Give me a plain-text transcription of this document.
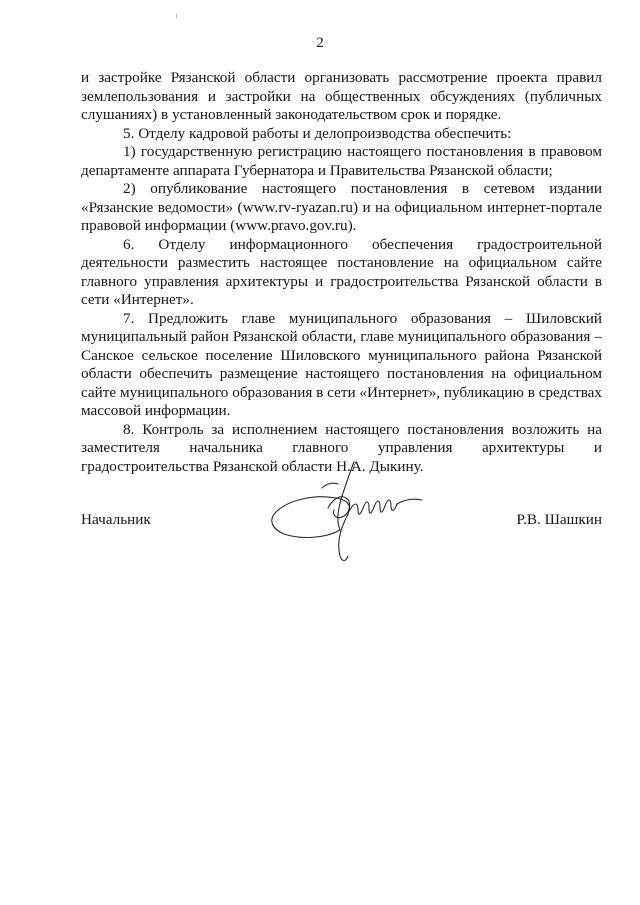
2

и застройке Рязанской области организовать рассмотрение проекта правил землепользования и застройки на общественных обсуждениях (публичных слушаниях) в установленный законодательством срок и порядке.

5. Отделу кадровой работы и делопроизводства обеспечить:

1) государственную регистрацию настоящего постановления в правовом департаменте аппарата Губернатора и Правительства Рязанской области;

2) опубликование настоящего постановления в сетевом издании «Рязанские ведомости» (www.rv-ryazan.ru) и на официальном интернет-портале правовой информации (www.pravo.gov.ru).

6. Отделу информационного обеспечения градостроительной деятельности разместить настоящее постановление на официальном сайте главного управления архитектуры и градостроительства Рязанской области в сети «Интернет».

7. Предложить главе муниципального образования – Шиловский муниципальный район Рязанской области, главе муниципального образования – Санское сельское поселение Шиловского муниципального района Рязанской области обеспечить размещение настоящего постановления на официальном сайте муниципального образования в сети «Интернет», публикацию в средствах массовой информации.

8. Контроль за исполнением настоящего постановления возложить на заместителя начальника главного управления архитектуры и градостроительства Рязанской области Н.А. Дыкину.

Начальник	Р.В. Шашкин
